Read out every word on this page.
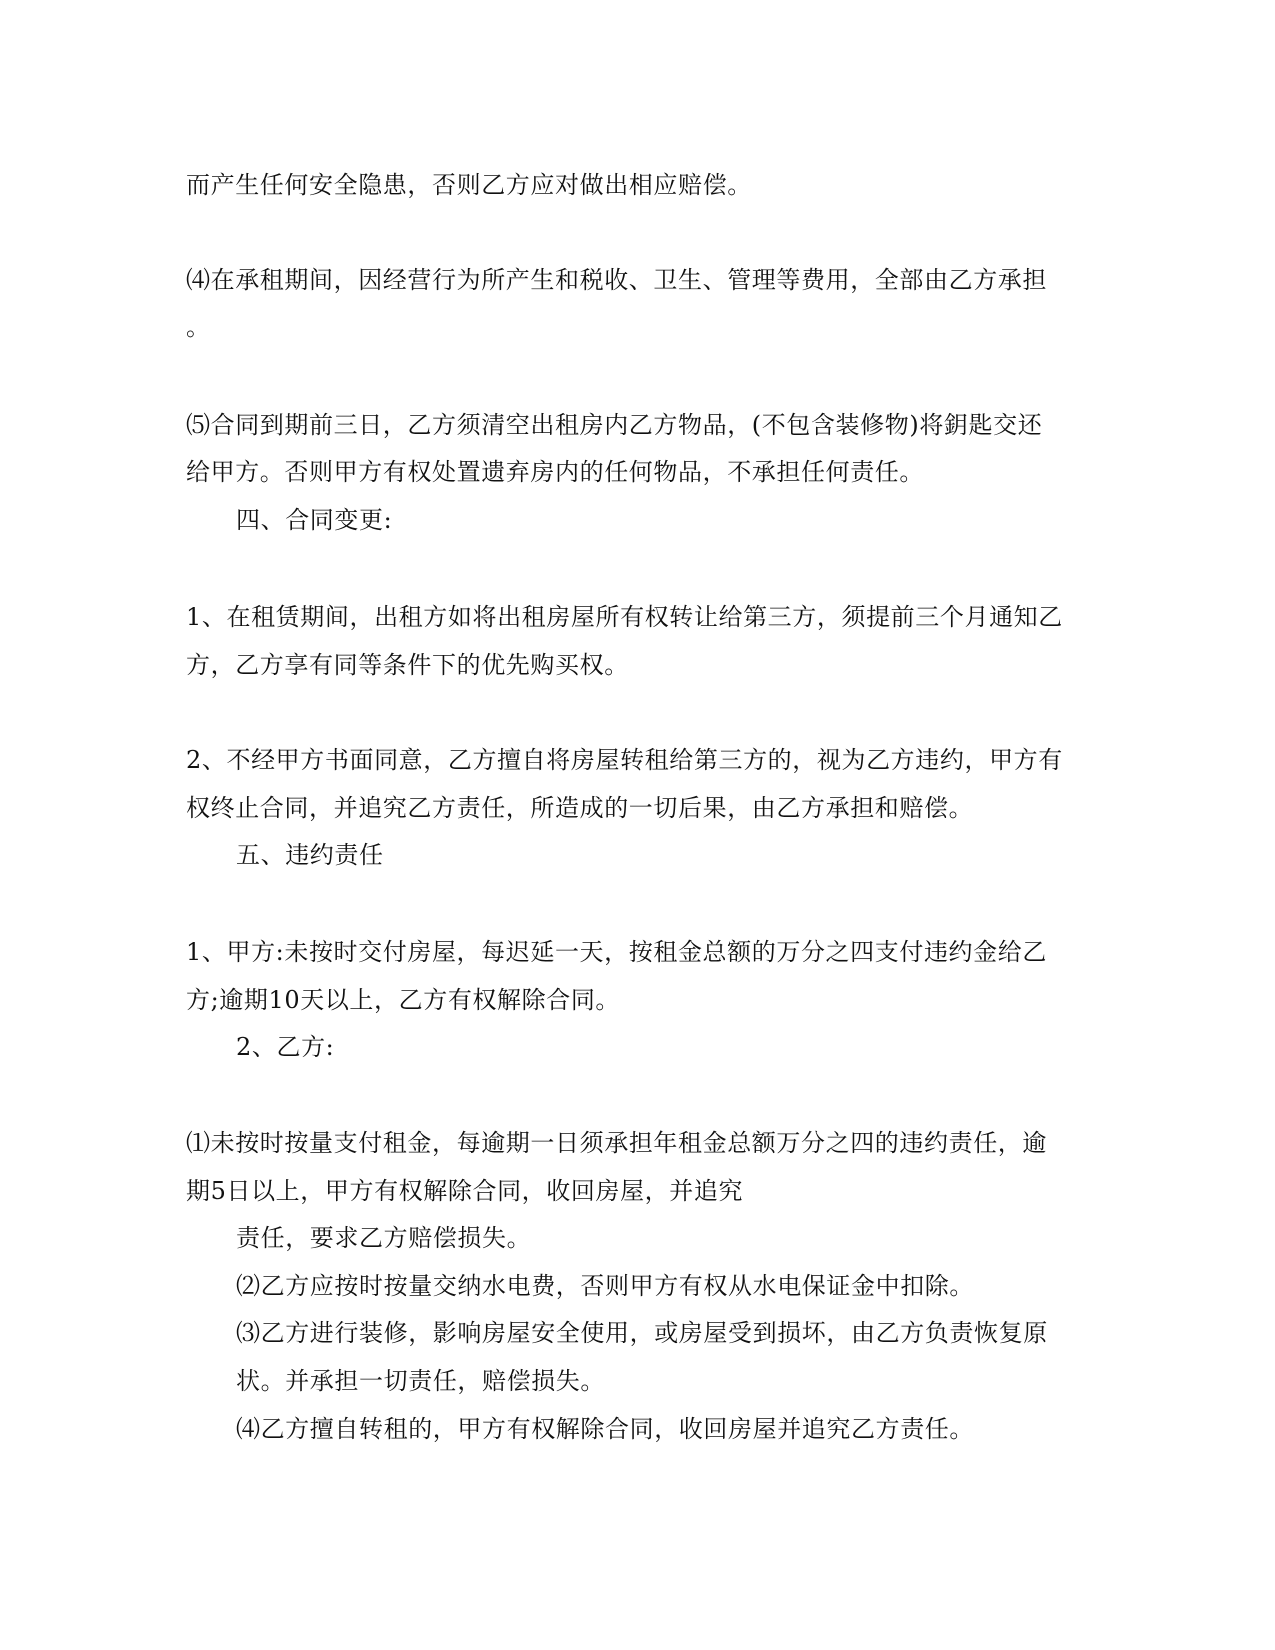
而产生任何安全隐患，否则乙方应对做出相应赔偿。
⑷在承租期间，因经营行为所产生和税收、卫生、管理等费用，全部由乙方承担
。
⑸合同到期前三日，乙方须清空出租房内乙方物品，(不包含装修物)将鈅匙交还
给甲方。否则甲方有权处置遗弃房内的任何物品，不承担任何责任。
四、合同变更:
1、在租赁期间，出租方如将出租房屋所有权转让给第三方，须提前三个月通知乙
方，乙方享有同等条件下的优先购买权。
2、不经甲方书面同意，乙方擅自将房屋转租给第三方的，视为乙方违约，甲方有
权终止合同，并追究乙方责任，所造成的一切后果，由乙方承担和赔偿。
五、违约责任
1、甲方:未按时交付房屋，每迟延一天，按租金总额的万分之四支付违约金给乙
方;逾期10天以上，乙方有权解除合同。
2、乙方:
⑴未按时按量支付租金，每逾期一日须承担年租金总额万分之四的违约责任，逾
期5日以上，甲方有权解除合同，收回房屋，并追究
责任，要求乙方赔偿损失。
⑵乙方应按时按量交纳水电费，否则甲方有权从水电保证金中扣除。
⑶乙方进行装修，影响房屋安全使用，或房屋受到损坏，由乙方负责恢复原
状。并承担一切责任，赔偿损失。
⑷乙方擅自转租的，甲方有权解除合同，收回房屋并追究乙方责任。
